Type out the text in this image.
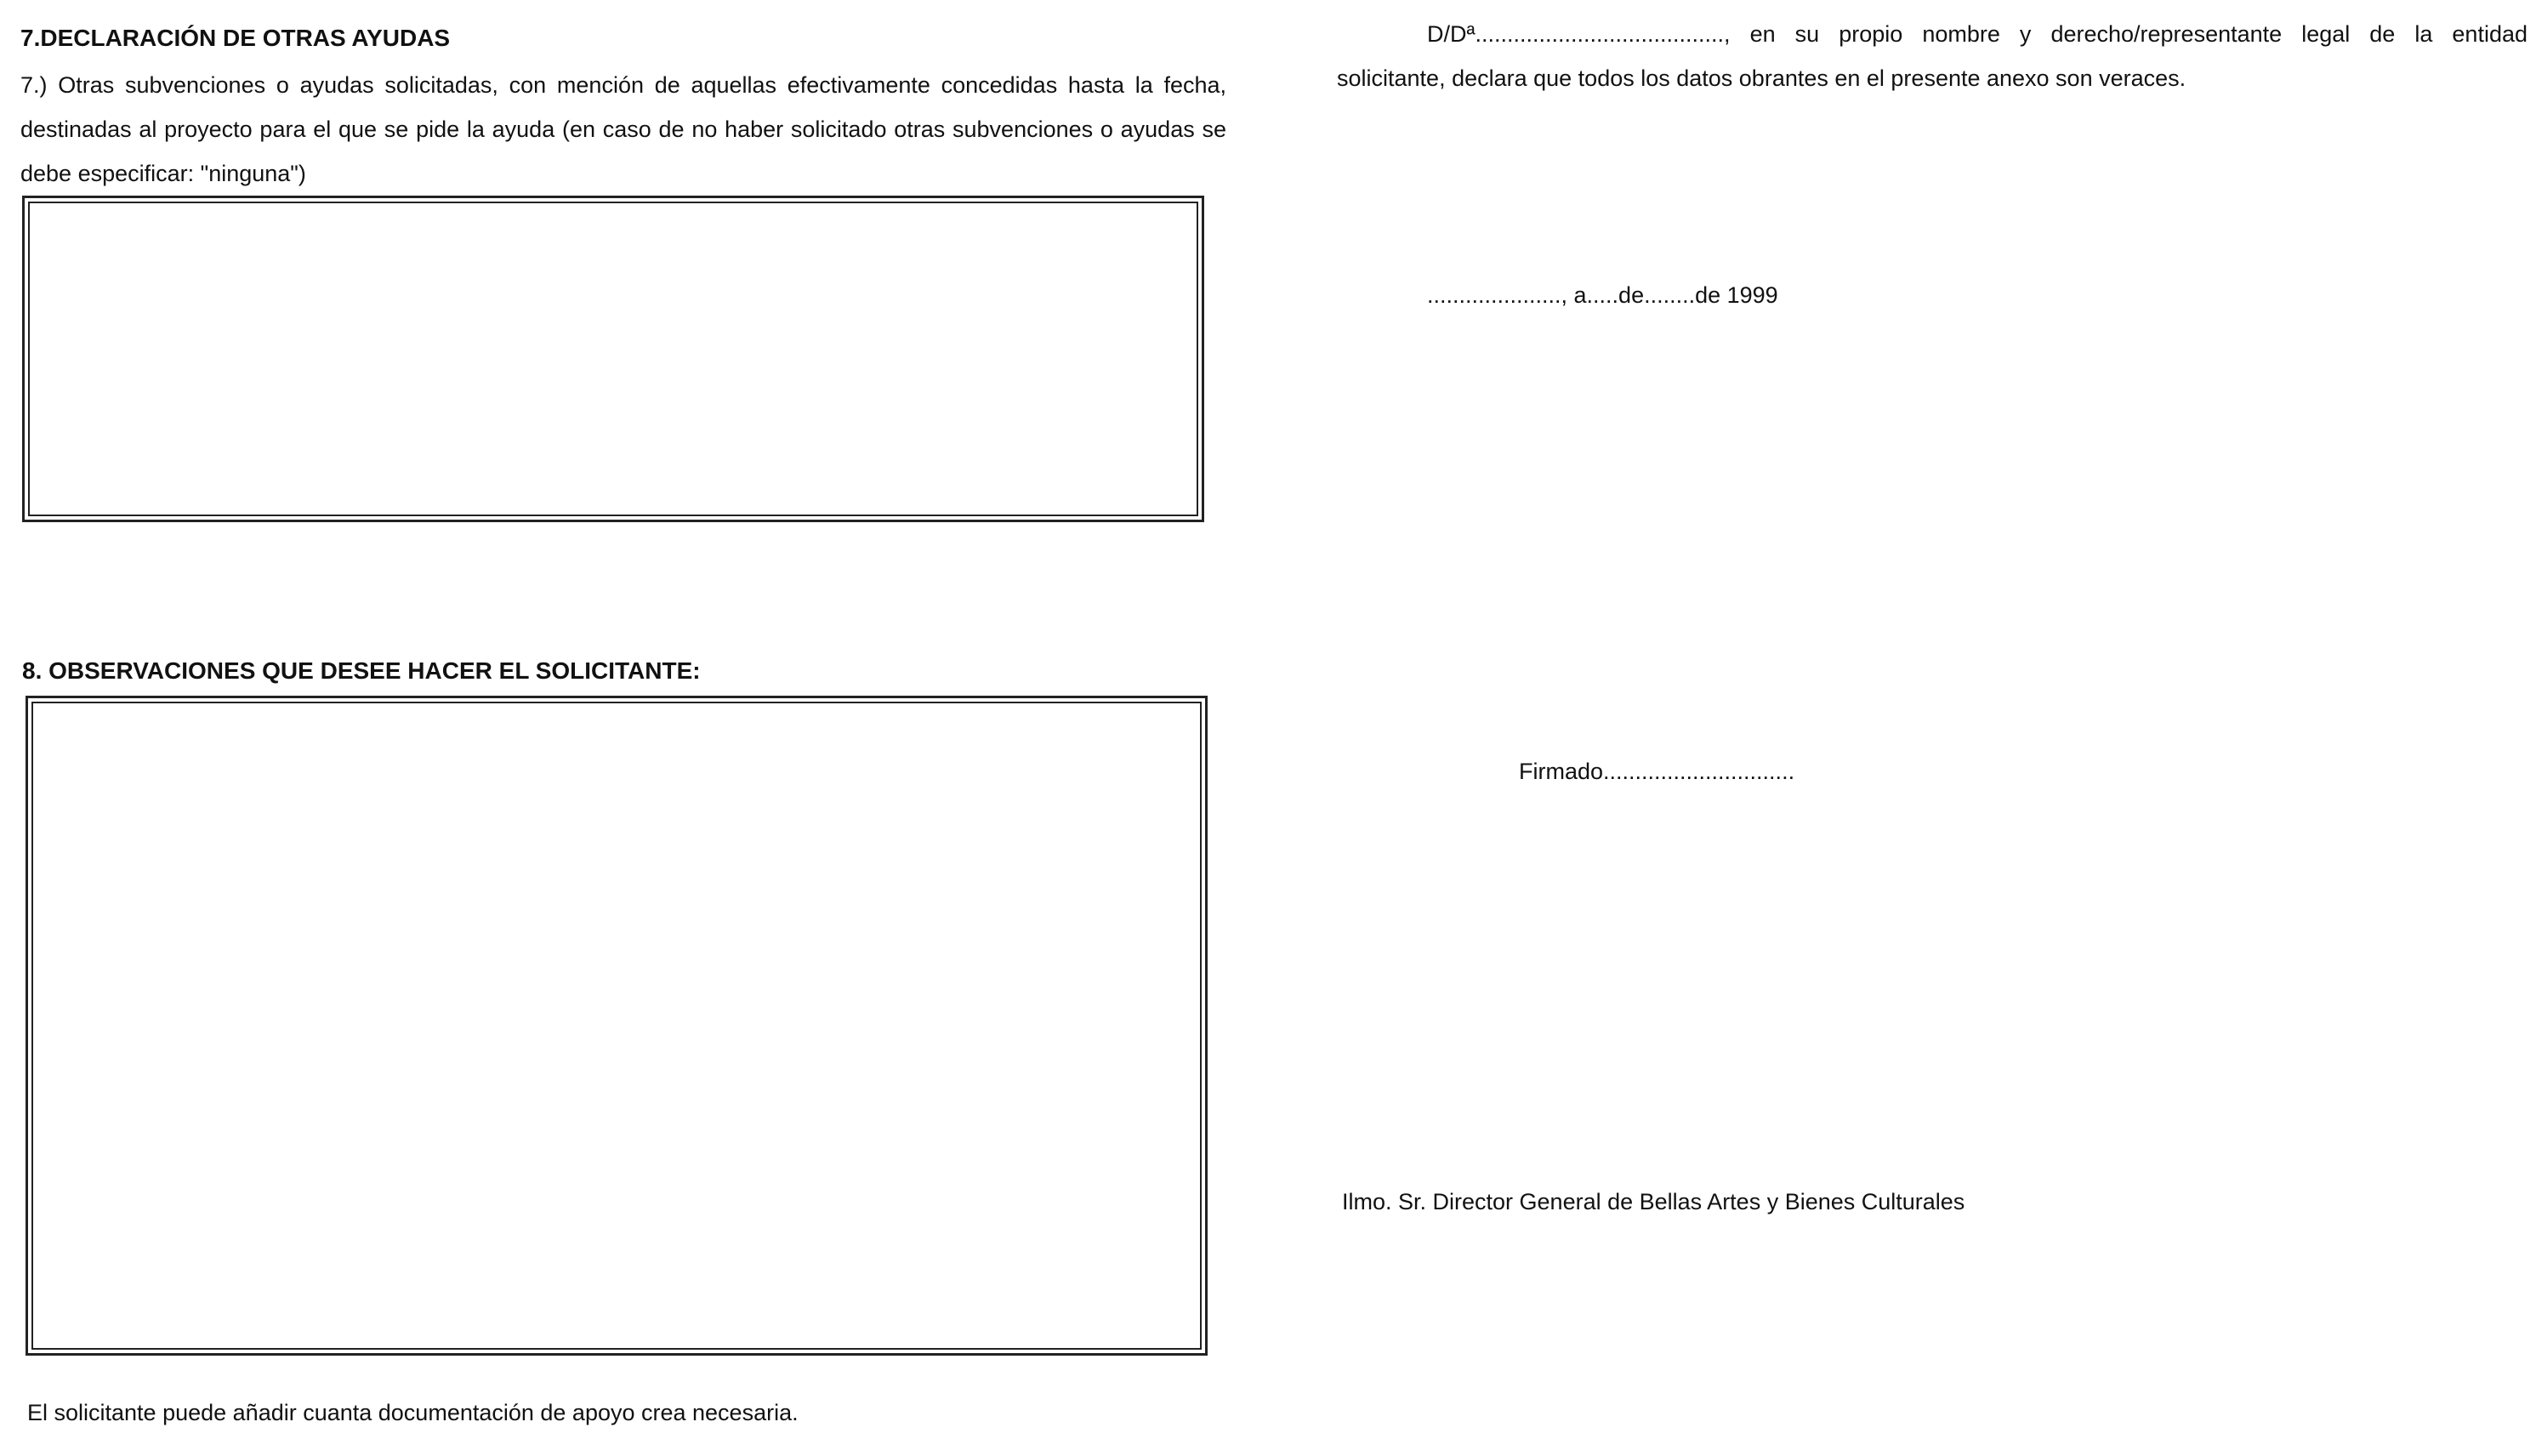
7.DECLARACIÓN DE OTRAS AYUDAS
7.) Otras subvenciones o ayudas solicitadas, con mención de aquellas efectivamente concedidas hasta la fecha, destinadas al proyecto para el que se pide la ayuda (en caso de no haber solicitado otras subvenciones o ayudas se debe especificar: "ninguna")
8. OBSERVACIONES QUE DESEE HACER EL SOLICITANTE:
El solicitante puede añadir cuanta documentación de apoyo crea necesaria.
D/Dª......................................., en su propio nombre y derecho/representante legal de la entidad
solicitante, declara que todos los datos obrantes en el presente anexo son veraces.
....................., a.....de........de 1999
Firmado..............................
Ilmo. Sr. Director General de Bellas Artes y Bienes Culturales
